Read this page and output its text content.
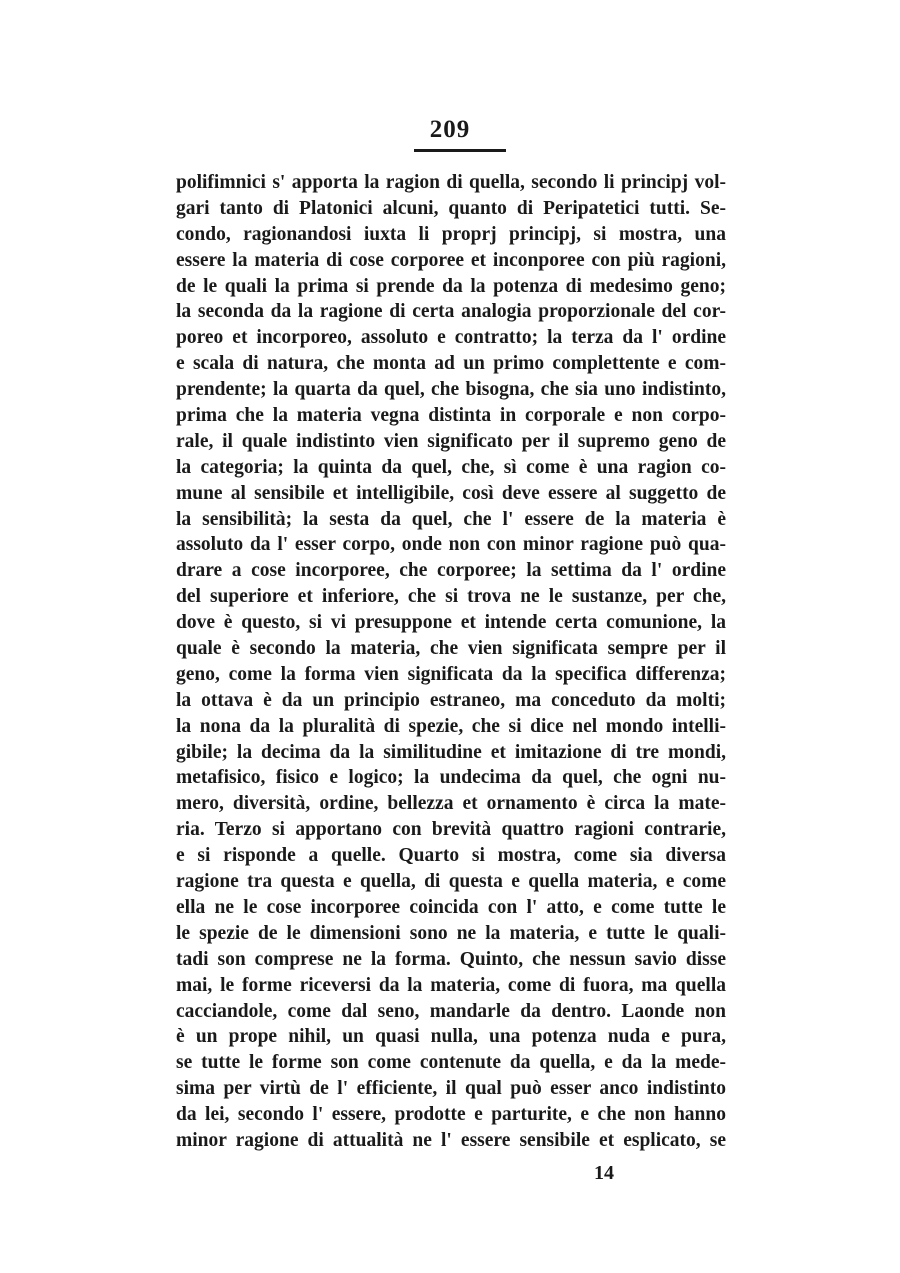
209
polifimnici s' apporta la ragion di quella, secondo li principj vol-
gari tanto di Platonici alcuni, quanto di Peripatetici tutti. Se-
condo, ragionandosi iuxta li proprj principj, si mostra, una
essere la materia di cose corporee et inconporee con più ragioni,
de le quali la prima si prende da la potenza di medesimo geno;
la seconda da la ragione di certa analogia proporzionale del cor-
poreo et incorporeo, assoluto e contratto; la terza da l' ordine
e scala di natura, che monta ad un primo complettente e com-
prendente; la quarta da quel, che bisogna, che sia uno indistinto,
prima che la materia vegna distinta in corporale e non corpo-
rale, il quale indistinto vien significato per il supremo geno de
la categoria; la quinta da quel, che, sì come è una ragion co-
mune al sensibile et intelligibile, così deve essere al suggetto de
la sensibilità; la sesta da quel, che l' essere de la materia è
assoluto da l' esser corpo, onde non con minor ragione può qua-
drare a cose incorporee, che corporee; la settima da l' ordine
del superiore et inferiore, che si trova ne le sustanze, per che,
dove è questo, si vi presuppone et intende certa comunione, la
quale è secondo la materia, che vien significata sempre per il
geno, come la forma vien significata da la specifica differenza;
la ottava è da un principio estraneo, ma conceduto da molti;
la nona da la pluralità di spezie, che si dice nel mondo intelli-
gibile; la decima da la similitudine et imitazione di tre mondi,
metafisico, fisico e logico; la undecima da quel, che ogni nu-
mero, diversità, ordine, bellezza et ornamento è circa la mate-
ria. Terzo si apportano con brevità quattro ragioni contrarie,
e si risponde a quelle. Quarto si mostra, come sia diversa
ragione tra questa e quella, di questa e quella materia, e come
ella ne le cose incorporee coincida con l' atto, e come tutte le
le spezie de le dimensioni sono ne la materia, e tutte le quali-
tadi son comprese ne la forma. Quinto, che nessun savio disse
mai, le forme riceversi da la materia, come di fuora, ma quella
cacciandole, come dal seno, mandarle da dentro. Laonde non
è un prope nihil, un quasi nulla, una potenza nuda e pura,
se tutte le forme son come contenute da quella, e da la mede-
sima per virtù de l' efficiente, il qual può esser anco indistinto
da lei, secondo l' essere, prodotte e parturite, e che non hanno
minor ragione di attualità ne l' essere sensibile et esplicato, se
14
